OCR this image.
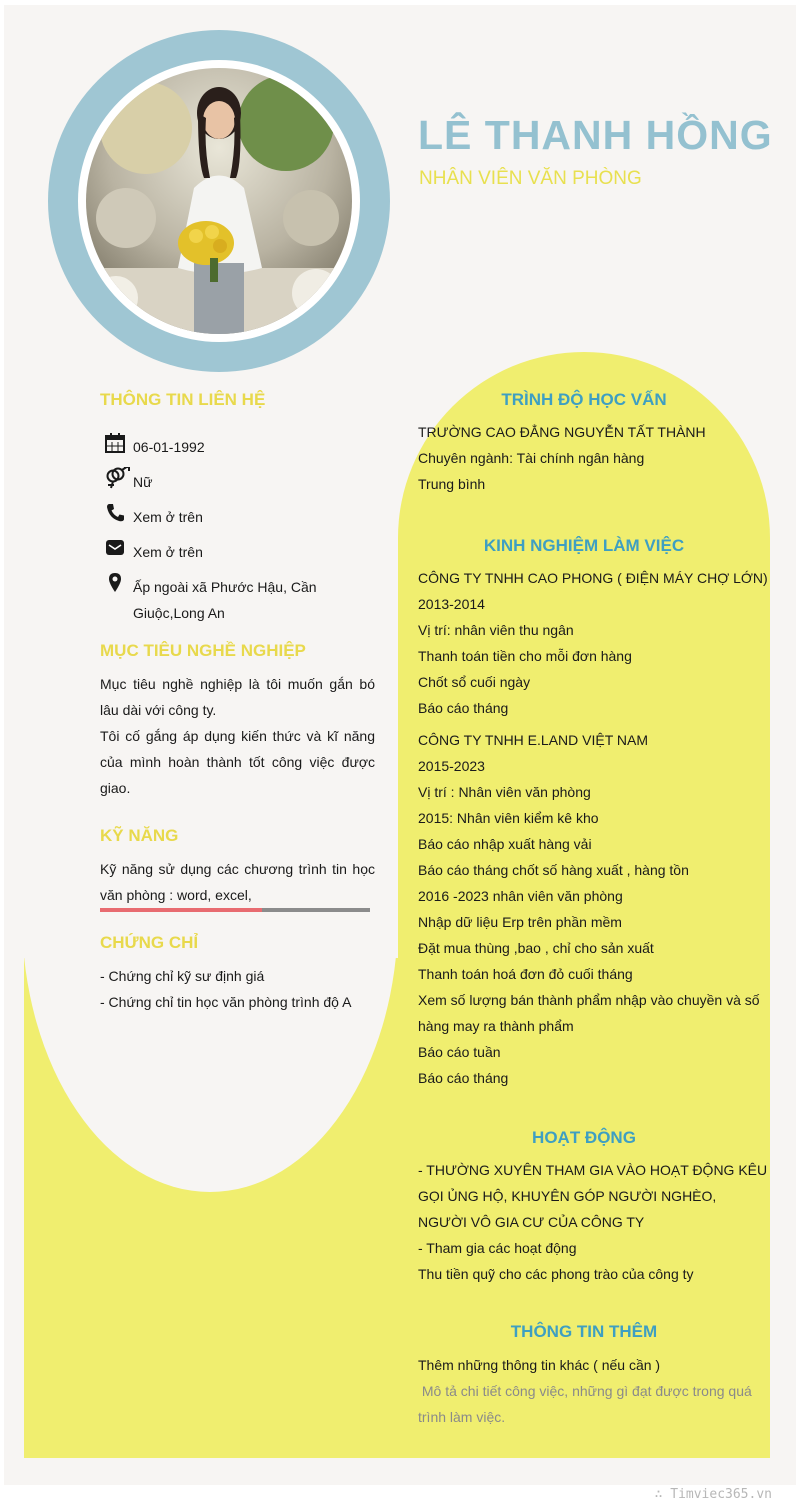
LÊ THANH HỒNG
NHÂN VIÊN VĂN PHÒNG
THÔNG TIN LIÊN HỆ
06-01-1992
Nữ
Xem ở trên
Xem ở trên
Ấp ngoài xã Phước Hậu, Cần Giuộc,Long An
MỤC TIÊU NGHỀ NGHIỆP
Mục tiêu nghề nghiệp là tôi muốn gắn bó lâu dài với công ty.
Tôi cố gắng áp dụng kiến thức và kĩ năng của mình hoàn thành tốt công việc được giao.
KỸ NĂNG
Kỹ năng sử dụng các chương trình tin học văn phòng : word, excel,
CHỨNG CHỈ
- Chứng chỉ kỹ sư định giá
- Chứng chỉ tin học văn phòng trình độ A
TRÌNH ĐỘ HỌC VẤN
TRƯỜNG CAO ĐẲNG NGUYỄN TẤT THÀNH
Chuyên ngành: Tài chính ngân hàng
Trung bình
KINH NGHIỆM LÀM VIỆC
CÔNG TY TNHH CAO PHONG ( ĐIỆN MÁY CHỢ LỚN)
2013-2014
Vị trí: nhân viên thu ngân
Thanh toán tiền cho mỗi đơn hàng
Chốt sổ cuối ngày
Báo cáo tháng
CÔNG TY TNHH E.LAND VIỆT NAM
2015-2023
Vị trí : Nhân viên văn phòng
2015: Nhân viên kiểm kê kho
Báo cáo nhập xuất hàng vải
Báo cáo tháng chốt số hàng xuất , hàng tồn
2016 -2023 nhân viên văn phòng
Nhập dữ liệu Erp trên phần mềm
Đặt mua thùng ,bao , chỉ cho sản xuất
Thanh toán hoá đơn đỏ cuối tháng
Xem số lượng bán thành phẩm nhập vào chuyền và số hàng may ra thành phẩm
Báo cáo tuần
Báo cáo tháng
HOẠT ĐỘNG
- THƯỜNG XUYÊN THAM GIA VÀO HOẠT ĐỘNG KÊU GỌI ỦNG HỘ, KHUYÊN GÓP NGƯỜI NGHÈO, NGƯỜI VÔ GIA CƯ CỦA CÔNG TY
- Tham gia các hoạt động
Thu tiền quỹ cho các phong trào của công ty
THÔNG TIN THÊM
Thêm những thông tin khác ( nếu cần )
Mô tả chi tiết công việc, những gì đạt được trong quá trình làm việc.
∴ Timviec365.vn
